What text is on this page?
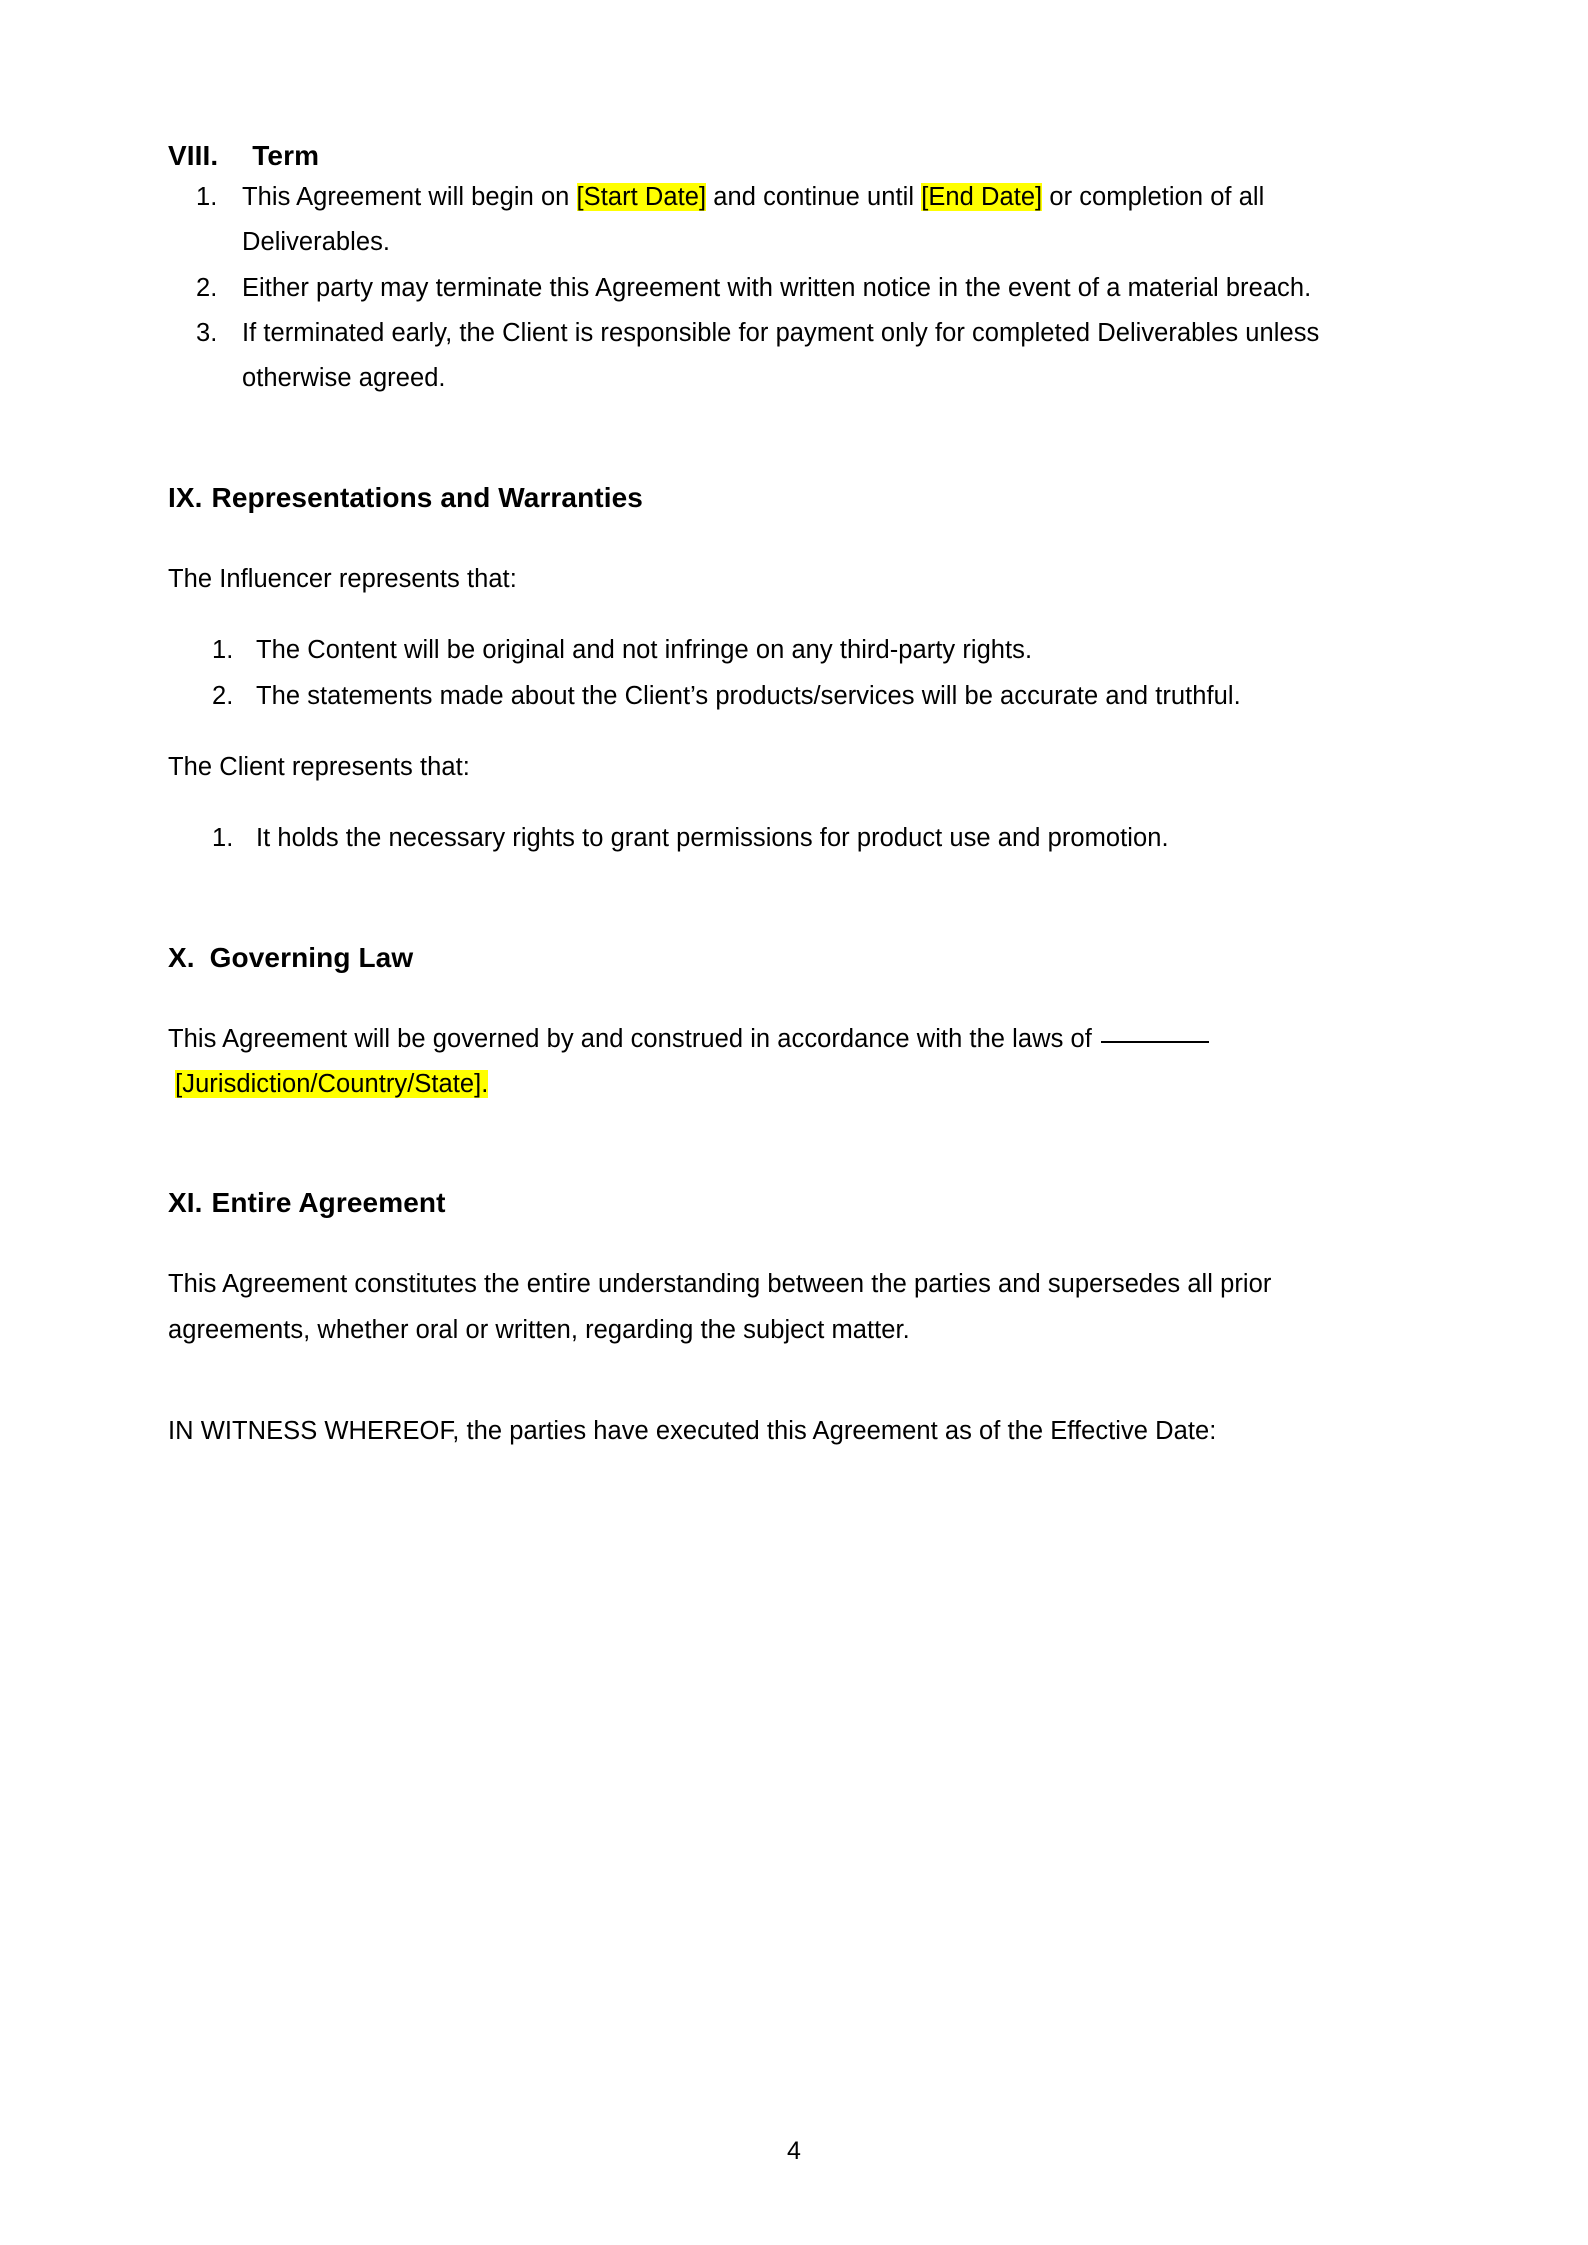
VIII. Term
1. This Agreement will begin on [Start Date] and continue until [End Date] or completion of all Deliverables.
2. Either party may terminate this Agreement with written notice in the event of a material breach.
3. If terminated early, the Client is responsible for payment only for completed Deliverables unless otherwise agreed.
IX. Representations and Warranties

The Influencer represents that:

1. The Content will be original and not infringe on any third-party rights.
2. The statements made about the Client’s products/services will be accurate and truthful.

The Client represents that:

1. It holds the necessary rights to grant permissions for product use and promotion.
X. Governing Law

This Agreement will be governed by and construed in accordance with the laws of  [Jurisdiction/Country/State].

XI. Entire Agreement

This Agreement constitutes the entire understanding between the parties and supersedes all prior agreements, whether oral or written, regarding the subject matter.

IN WITNESS WHEREOF, the parties have executed this Agreement as of the Effective Date:

4
